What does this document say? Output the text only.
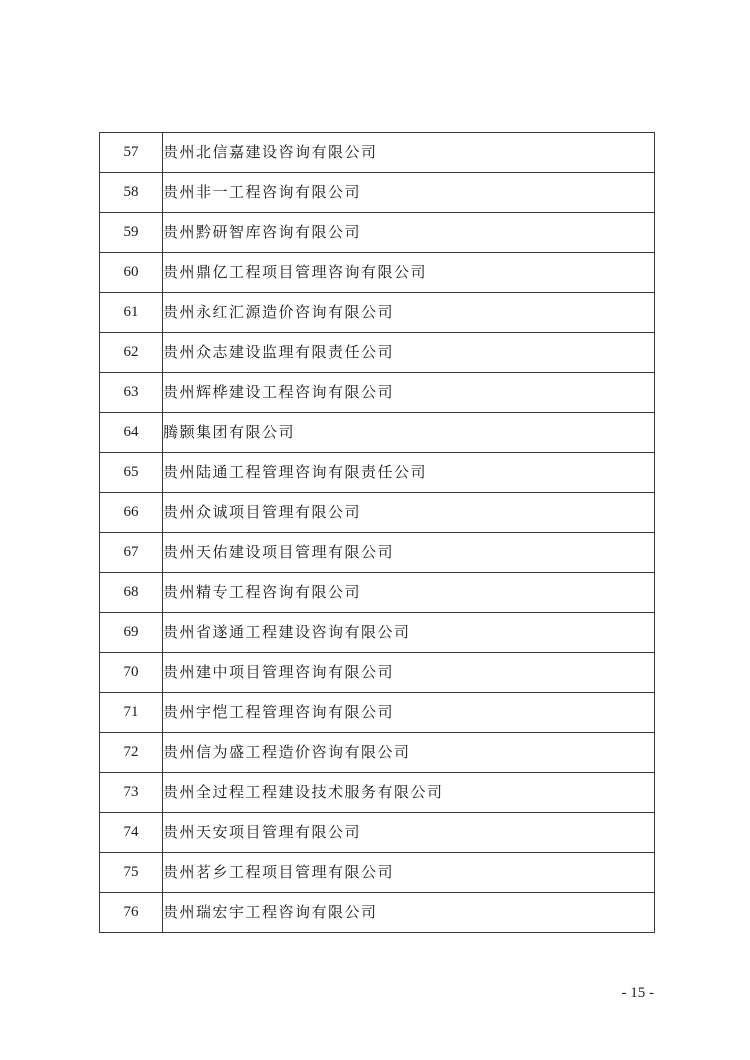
57	贵州北信嘉建设咨询有限公司
58	贵州非一工程咨询有限公司
59	贵州黔研智库咨询有限公司
60	贵州鼎亿工程项目管理咨询有限公司
61	贵州永红汇源造价咨询有限公司
62	贵州众志建设监理有限责任公司
63	贵州辉桦建设工程咨询有限公司
64	腾颢集团有限公司
65	贵州陆通工程管理咨询有限责任公司
66	贵州众诚项目管理有限公司
67	贵州天佑建设项目管理有限公司
68	贵州精专工程咨询有限公司
69	贵州省遂通工程建设咨询有限公司
70	贵州建中项目管理咨询有限公司
71	贵州宇恺工程管理咨询有限公司
72	贵州信为盛工程造价咨询有限公司
73	贵州全过程工程建设技术服务有限公司
74	贵州天安项目管理有限公司
75	贵州茗乡工程项目管理有限公司
76	贵州瑞宏宇工程咨询有限公司
- 15 -
